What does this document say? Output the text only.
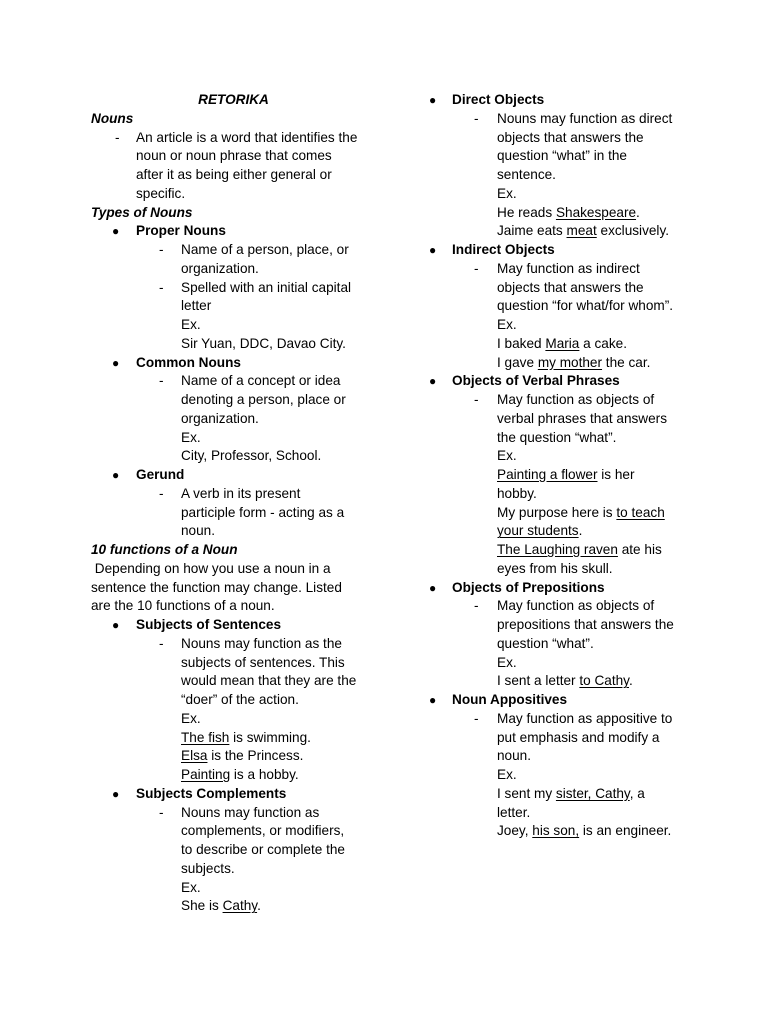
RETORIKA
Nouns
- An article is a word that identifies the
noun or noun phrase that comes
after it as being either general or
specific.
Types of Nouns
● Proper Nouns
- Name of a person, place, or
organization.
- Spelled with an initial capital
letter
Ex.
Sir Yuan, DDC, Davao City.
● Common Nouns
- Name of a concept or idea
denoting a person, place or
organization.
Ex.
City, Professor, School.
● Gerund
- A verb in its present
participle form - acting as a
noun.
10 functions of a Noun
Depending on how you use a noun in a
sentence the function may change. Listed
are the 10 functions of a noun.
● Subjects of Sentences
- Nouns may function as the
subjects of sentences. This
would mean that they are the
“doer” of the action.
Ex.
The fish is swimming.
Elsa is the Princess.
Painting is a hobby.
● Subjects Complements
- Nouns may function as
complements, or modifiers,
to describe or complete the
subjects.
Ex.
She is Cathy.
● Direct Objects
- Nouns may function as direct
objects that answers the
question “what” in the
sentence.
Ex.
He reads Shakespeare.
Jaime eats meat exclusively.
● Indirect Objects
- May function as indirect
objects that answers the
question “for what/for whom”.
Ex.
I baked Maria a cake.
I gave my mother the car.
● Objects of Verbal Phrases
- May function as objects of
verbal phrases that answers
the question “what”.
Ex.
Painting a flower is her
hobby.
My purpose here is to teach
your students.
The Laughing raven ate his
eyes from his skull.
● Objects of Prepositions
- May function as objects of
prepositions that answers the
question “what”.
Ex.
I sent a letter to Cathy.
● Noun Appositives
- May function as appositive to
put emphasis and modify a
noun.
Ex.
I sent my sister, Cathy, a
letter.
Joey, his son, is an engineer.
